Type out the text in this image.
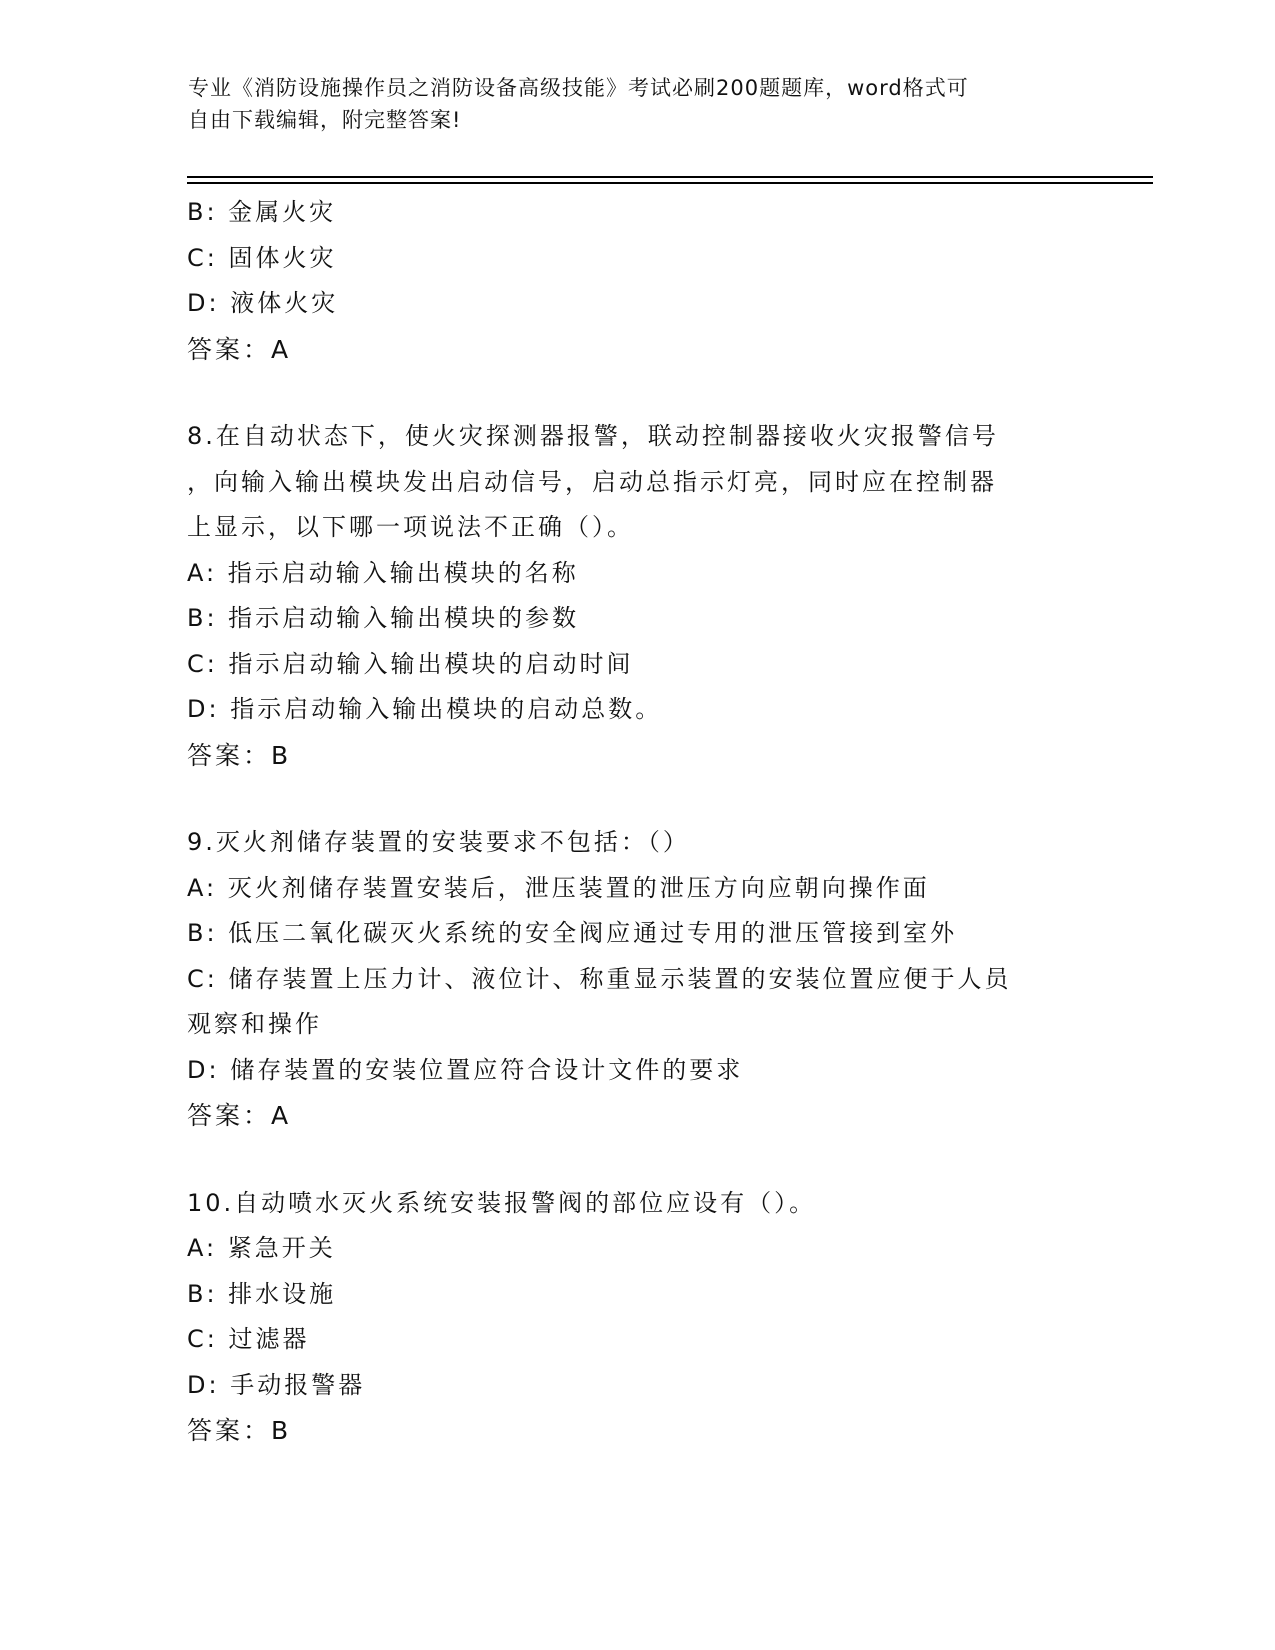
专业《消防设施操作员之消防设备高级技能》考试必刷200题题库，word格式可
自由下载编辑，附完整答案!
B: 金属火灾
C: 固体火灾
D: 液体火灾
答案：A
8.在自动状态下，使火灾探测器报警，联动控制器接收火灾报警信号
，向输入输出模块发出启动信号，启动总指示灯亮，同时应在控制器
上显示，以下哪一项说法不正确（）。
A: 指示启动输入输出模块的名称
B: 指示启动输入输出模块的参数
C: 指示启动输入输出模块的启动时间
D: 指示启动输入输出模块的启动总数。
答案：B
9.灭火剂储存装置的安装要求不包括：（）
A: 灭火剂储存装置安装后，泄压装置的泄压方向应朝向操作面
B: 低压二氧化碳灭火系统的安全阀应通过专用的泄压管接到室外
C: 储存装置上压力计、液位计、称重显示装置的安装位置应便于人员
观察和操作
D: 储存装置的安装位置应符合设计文件的要求
答案：A
10.自动喷水灭火系统安装报警阀的部位应设有（）。
A: 紧急开关
B: 排水设施
C: 过滤器
D: 手动报警器
答案：B
